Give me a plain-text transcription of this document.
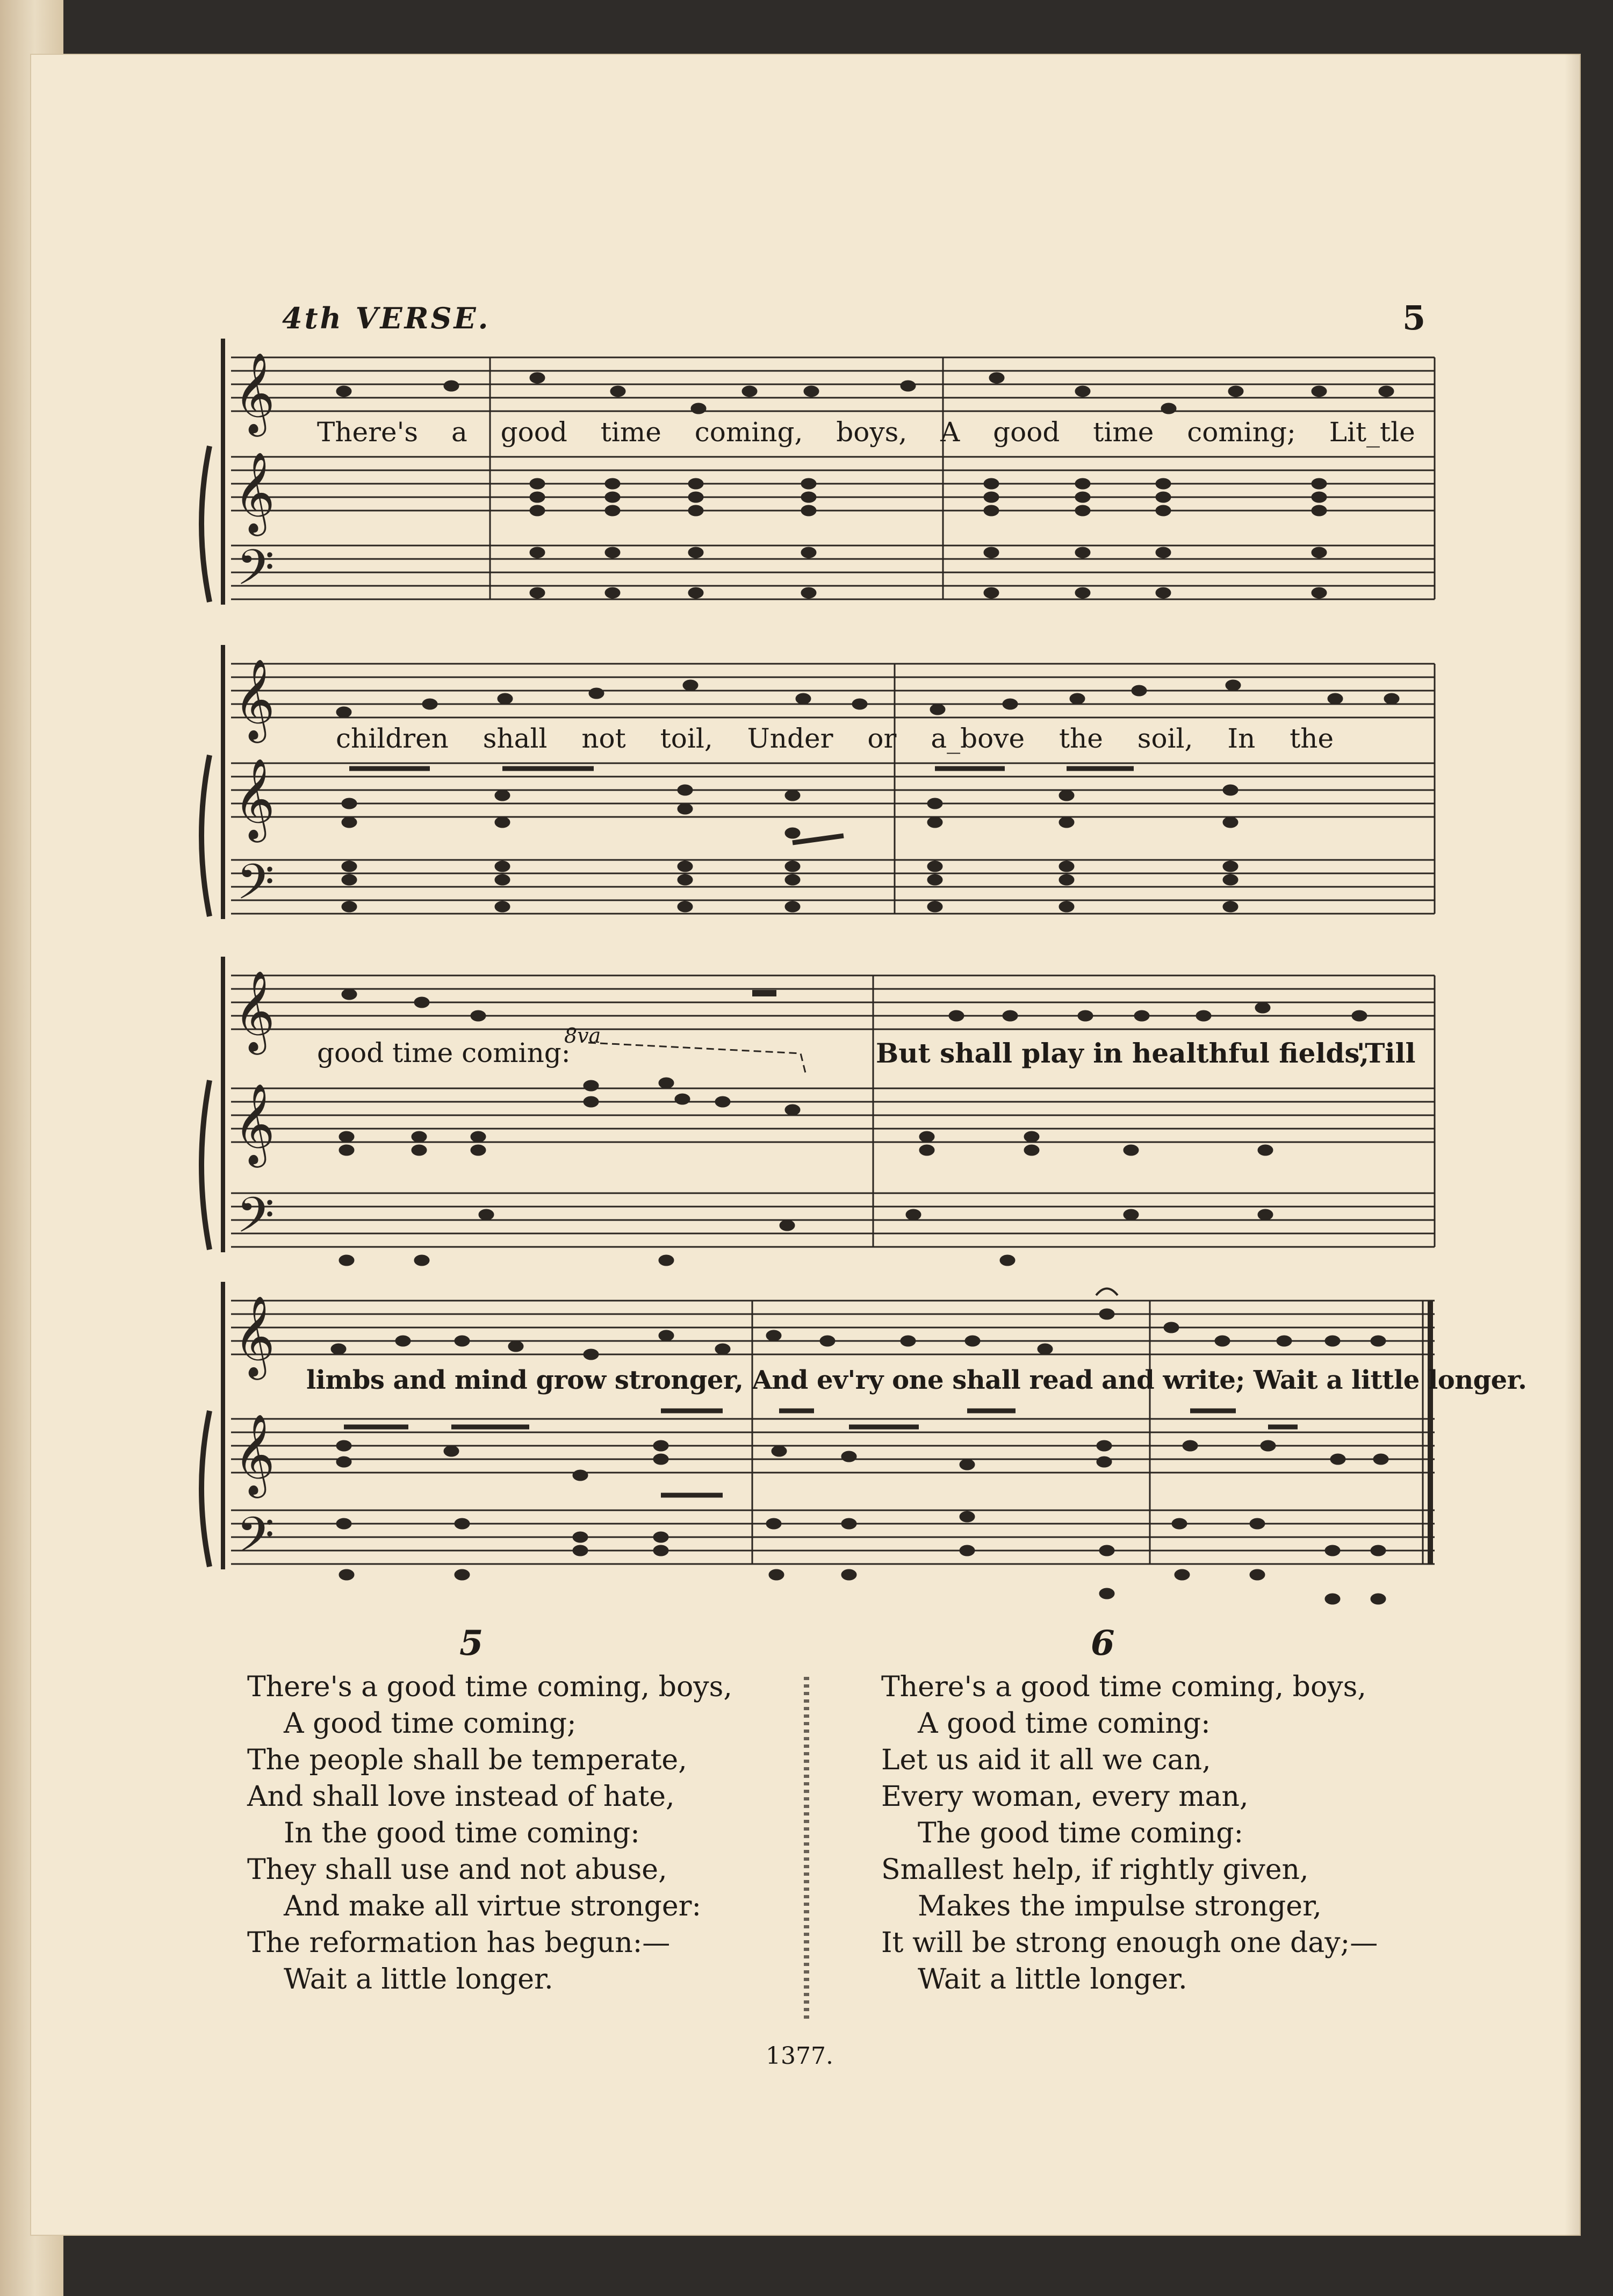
4th VERSE.	5
𝄞
𝄞
𝄢
𝄞
𝄞
𝄢
𝄞
𝄞
𝄢
𝄞
𝄞
𝄢
There's a good time coming, boys, A good time coming; Lit_tle
children shall not toil, Under or a_bove the soil, In the
good time coming:
8va
But shall play in healthful fields,
'Till
limbs and mind grow stronger, And ev'ry one shall read and write; Wait a little longer.
5
There's a good time coming, boys,
A good time coming;
The people shall be temperate,
And shall love instead of hate,
In the good time coming:
They shall use and not abuse,
And make all virtue stronger:
The reformation has begun:—
Wait a little longer.
6
There's a good time coming, boys,
A good time coming:
Let us aid it all we can,
Every woman, every man,
The good time coming:
Smallest help, if rightly given,
Makes the impulse stronger,
It will be strong enough one day;—
Wait a little longer.
1377.
